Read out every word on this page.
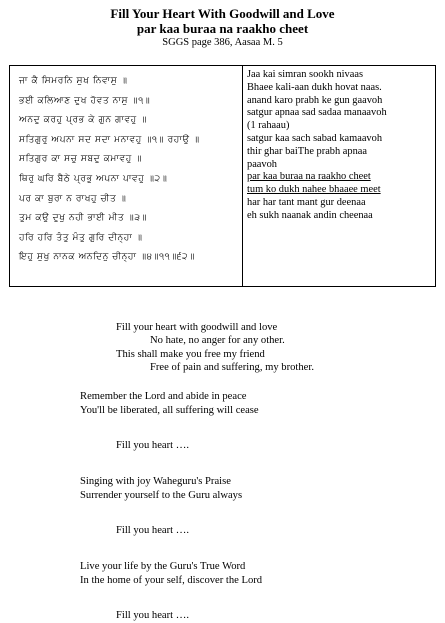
Fill Your Heart With Goodwill and Love
par kaa buraa na raakho cheet
SGGS page 386, Aasaa M. 5
ਜਾ ਕੈ ਸਿਮਰਨਿ ਸੁਖ ਨਿਵਾਸੁ ॥
ਭਈ ਕਲਿਆਣ ਦੁਖ ਹੋਵਤ ਨਾਸੁ ॥੧॥
ਅਨਦੁ ਕਰਹੁ ਪ੍ਰਭ ਕੇ ਗੁਨ ਗਾਵਹੁ ॥
ਸਤਿਗੁਰੁ ਅਪਨਾ ਸਦ ਸਦਾ ਮਨਾਵਹੁ ॥੧॥ ਰਹਾਉ ॥
ਸਤਿਗੁਰ ਕਾ ਸਚੁ ਸਬਦੁ ਕਮਾਵਹੁ ॥
ਥਿਰੁ ਘਰਿ ਬੈਠੇ ਪ੍ਰਭੁ ਅਪਨਾ ਪਾਵਹੁ ॥੨॥
ਪਰ ਕਾ ਬੁਰਾ ਨ ਰਾਖਹੁ ਚੀਤ ॥
ਤੁਮ ਕਉ ਦੁਖੁ ਨਹੀ ਭਾਈ ਮੀਤ ॥੩॥
ਹਰਿ ਹਰਿ ਤੰਤੁ ਮੰਤੁ ਗੁਰਿ ਦੀਨ੍ਹਾ ॥
ਇਹੁ ਸੁਖੁ ਨਾਨਕ ਅਨਦਿਨੁ ਚੀਨ੍ਹਾ ॥੪॥੧੧॥੬੨॥
Jaa kai simran sookh nivaas
Bhaee kali-aan dukh hovat naas.
anand karo prabh ke gun gaavoh
satgur apnaa sad sadaa manaavoh
(1 rahaau)
satgur kaa sach sabad kamaavoh
thir ghar baiThe prabh apnaa
paavoh
par kaa buraa na raakho cheet
tum ko dukh nahee bhaaee meet
har har tant mant gur deenaa
eh sukh naanak andin cheenaa
Fill your heart with goodwill and love
No hate, no anger for any other.
This shall make you free my friend
Free of pain and suffering, my brother.
Remember the Lord and abide in peace
You'll be liberated, all suffering will cease
Fill you heart ….
Singing with joy Waheguru's Praise
Surrender yourself to the Guru always
Fill you heart ….
Live your life by the Guru's True Word
In the home of your self, discover the Lord
Fill you heart ….
